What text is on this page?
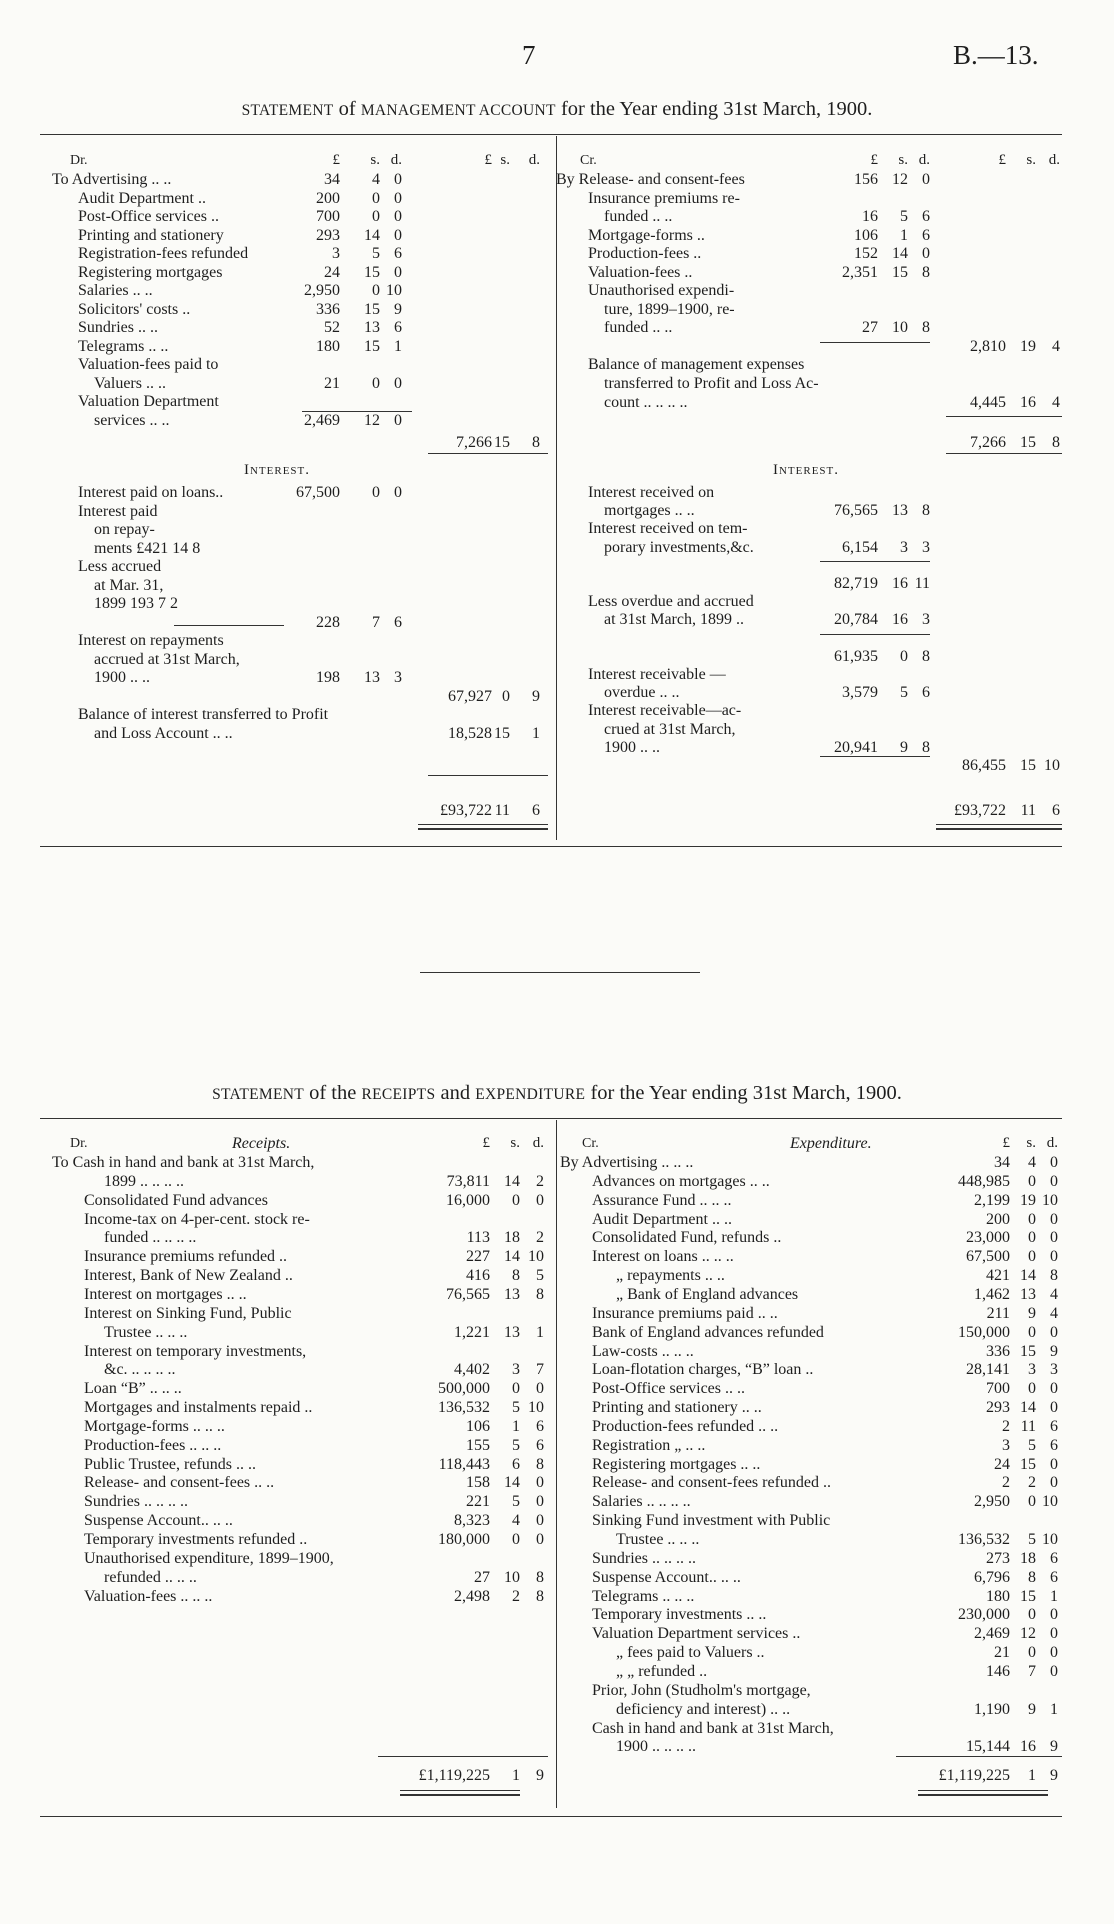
7	B.—13.
STATEMENT of MANAGEMENT ACCOUNT for the Year ending 31st March, 1900.
Dr.	£	s. d.	£ s.	d.
To Advertising .. ..	34	4 0
Audit Department ..	200	0 0
Post-Office services ..	700	0 0
Printing and stationery	293	14 0
Registration-fees refunded	3	5 6
Registering mortgages	24	15 0
Salaries .. ..	2,950	0 10
Solicitors' costs ..	336	15 9
Sundries .. ..	52	13 6
Telegrams .. ..	180	15 1
Valuation-fees paid to
Valuers .. ..	21	0 0
Valuation Department
services .. ..	2,469	12 0
7,266 15	8
Interest.
Interest paid on loans..	67,500	0 0
Interest paid
on repay-
ments £421 14 8
Less accrued
at Mar. 31,
1899 193 7 2
228	7 6
Interest on repayments
accrued at 31st March,
1900 .. ..	198	13 3
67,927 0	9
Balance of interest transferred to Profit
and Loss Account .. ..	18,528 15	1
£93,722 11	6
Cr.	£	s. d.	£	s. d.
By Release- and consent-fees	156 12 0
Insurance premiums re-
funded .. ..	16	5 6
Mortgage-forms ..	106	1 6
Production-fees ..	152 14 0
Valuation-fees ..	2,351 15 8
Unauthorised expendi-
ture, 1899–1900, re-
funded .. ..	27 10 8
2,810 19	4
Balance of management expenses
transferred to Profit and Loss Ac-
count .. .. .. ..	4,445 16	4
7,266 15	8
Interest.
Interest received on
mortgages .. ..	76,565 13 8
Interest received on tem-
porary investments,&c.	6,154	3 3
82,719 16 11
Less overdue and accrued
at 31st March, 1899 ..	20,784 16 3
61,935	0 8
Interest receivable —
overdue .. ..	3,579	5 6
Interest receivable—ac-
crued at 31st March,
1900 .. ..	20,941	9 8
86,455 15 10
£93,722 11	6
STATEMENT of the RECEIPTS and EXPENDITURE for the Year ending 31st March, 1900.
Dr.	Receipts.	£	s. d.
To Cash in hand and bank at 31st March,
1899 .. .. .. ..	73,811 14	2
Consolidated Fund advances	16,000	0	0
Income-tax on 4-per-cent. stock re-
funded .. .. .. ..	113 18	2
Insurance premiums refunded ..	227 14 10
Interest, Bank of New Zealand ..	416	8	5
Interest on mortgages .. ..	76,565 13	8
Interest on Sinking Fund, Public
Trustee .. .. ..	1,221 13	1
Interest on temporary investments,
&c. .. .. .. ..	4,402	3	7
Loan “B” .. .. ..	500,000	0	0
Mortgages and instalments repaid ..	136,532	5 10
Mortgage-forms .. .. ..	106	1	6
Production-fees .. .. ..	155	5	6
Public Trustee, refunds .. ..	118,443	6	8
Release- and consent-fees .. ..	158 14	0
Sundries .. .. .. ..	221	5	0
Suspense Account.. .. ..	8,323	4	0
Temporary investments refunded ..	180,000	0	0
Unauthorised expenditure, 1899–1900,
refunded .. .. ..	27 10	8
Valuation-fees .. .. ..	2,498	2	8
£1,119,225	1	9
Cr.	Expenditure.	£	s. d.
By Advertising .. .. ..	34	4 0
Advances on mortgages .. ..	448,985	0 0
Assurance Fund .. .. ..	2,199 19 10
Audit Department .. ..	200	0 0
Consolidated Fund, refunds ..	23,000	0 0
Interest on loans .. .. ..	67,500	0 0
„ repayments .. ..	421 14 8
„ Bank of England advances	1,462 13 4
Insurance premiums paid .. ..	211	9 4
Bank of England advances refunded	150,000	0 0
Law-costs .. .. ..	336 15 9
Loan-flotation charges, “B” loan ..	28,141	3 3
Post-Office services .. ..	700	0 0
Printing and stationery .. ..	293 14 0
Production-fees refunded .. ..	2 11 6
Registration „ .. ..	3	5 6
Registering mortgages .. ..	24 15 0
Release- and consent-fees refunded ..	2	2 0
Salaries .. .. .. ..	2,950	0 10
Sinking Fund investment with Public
Trustee .. .. ..	136,532	5 10
Sundries .. .. .. ..	273 18 6
Suspense Account.. .. ..	6,796	8 6
Telegrams .. .. ..	180 15 1
Temporary investments .. ..	230,000	0 0
Valuation Department services ..	2,469 12 0
„ fees paid to Valuers ..	21	0 0
„ „ refunded ..	146	7 0
Prior, John (Studholm's mortgage,
deficiency and interest) .. ..	1,190	9 1
Cash in hand and bank at 31st March,
1900 .. .. .. ..	15,144 16 9
£1,119,225	1 9
